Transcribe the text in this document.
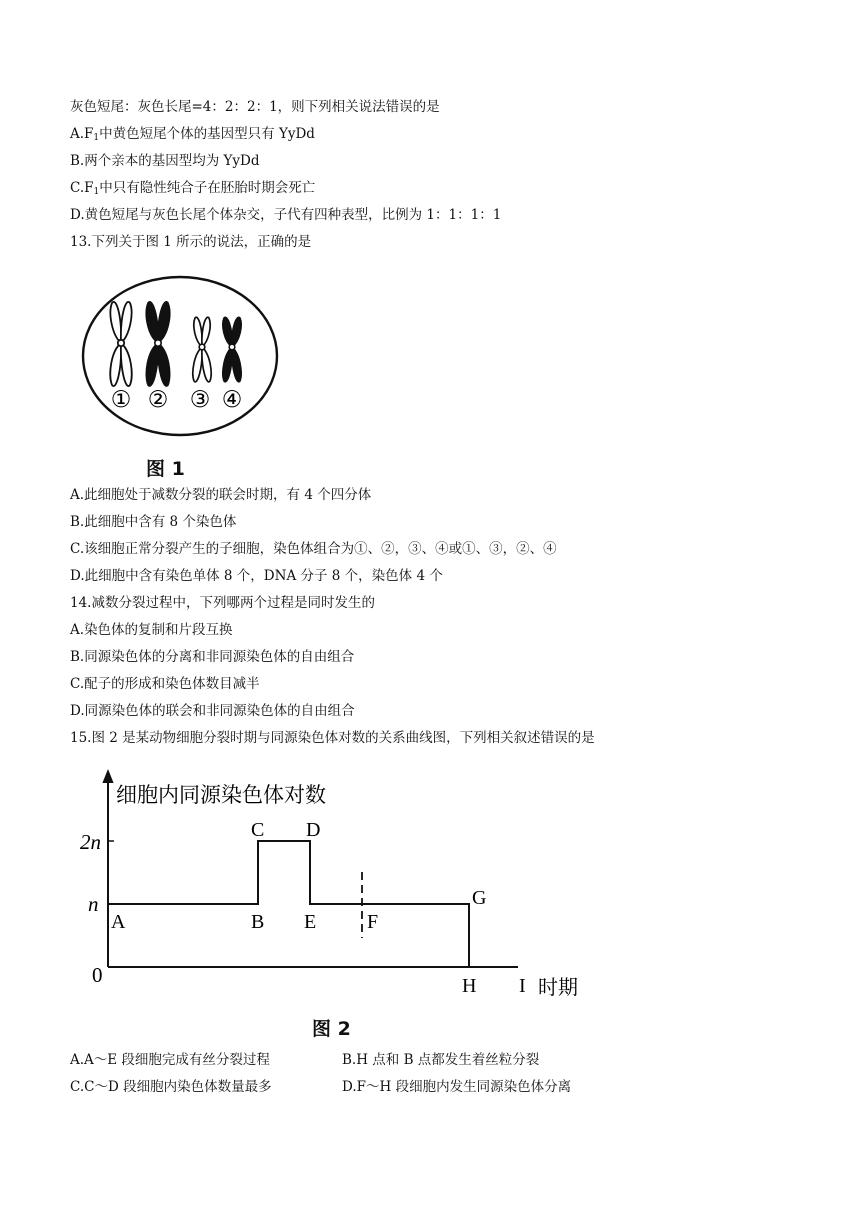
灰色短尾：灰色长尾=4：2：2：1，则下列相关说法错误的是
$A.F_1$中黄色短尾个体的基因型只有 YyDd
B.两个亲本的基因型均为 YyDd
$C.F_1$中只有隐性纯合子在胚胎时期会死亡
D.黄色短尾与灰色长尾个体杂交，子代有四种表型，比例为 1：1：1：1
13.下列关于图 1 所示的说法，正确的是
① ② ③ ④
图 1
A.此细胞处于减数分裂的联会时期，有 4 个四分体
B.此细胞中含有 8 个染色体
C.该细胞正常分裂产生的子细胞，染色体组合为①、②，③、④或①、③，②、④
D.此细胞中含有染色单体 8 个，DNA 分子 8 个，染色体 4 个
14.减数分裂过程中，下列哪两个过程是同时发生的
A.染色体的复制和片段互换
B.同源染色体的分离和非同源染色体的自由组合
C.配子的形成和染色体数目减半
D.同源染色体的联会和非同源染色体的自由组合
15.图 2 是某动物细胞分裂时期与同源染色体对数的关系曲线图，下列相关叙述错误的是
细胞内同源染色体对数
时期
0
n
2n
A	B
C D
E	F
G
H I
图 2
A.A～E 段细胞完成有丝分裂过程	B.H 点和 B 点都发生着丝粒分裂
C.C～D 段细胞内染色体数量最多	D.F～H 段细胞内发生同源染色体分离
